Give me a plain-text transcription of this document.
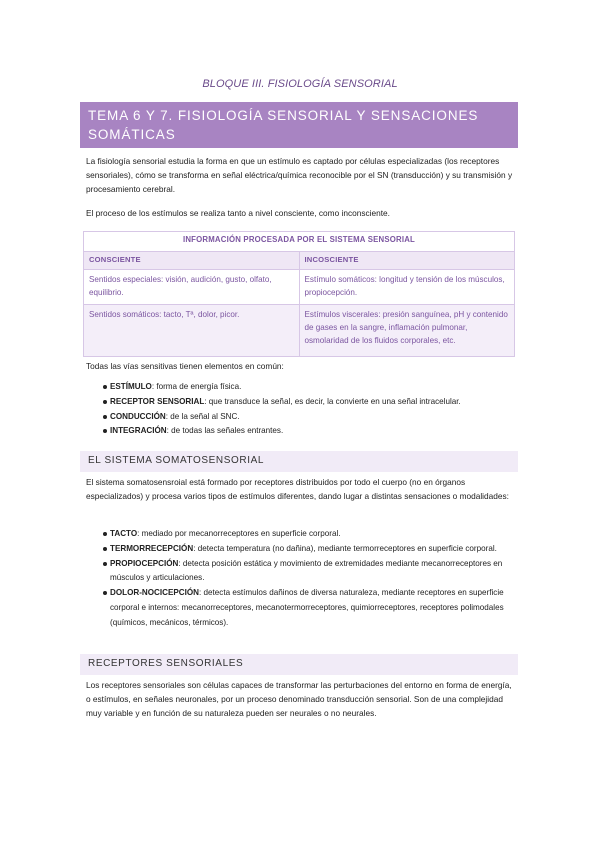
BLOQUE III. FISIOLOGÍA SENSORIAL
TEMA 6 Y 7. FISIOLOGÍA SENSORIAL Y SENSACIONES SOMÁTICAS
La fisiología sensorial estudia la forma en que un estímulo es captado por células especializadas (los receptores sensoriales), cómo se transforma en señal eléctrica/química reconocible por el SN (transducción) y su transmisión y procesamiento cerebral.
El proceso de los estímulos se realiza tanto a nivel consciente, como inconsciente.
INFORMACIÓN PROCESADA POR EL SISTEMA SENSORIAL	
CONSCIENTE	INCOSCIENTE
Sentidos especiales: visión, audición, gusto, olfato, equilibrio.	Estímulo somáticos: longitud y tensión de los músculos, propiocepción.
Sentidos somáticos: tacto, Tª, dolor, picor.	Estímulos viscerales: presión sanguínea, pH y contenido de gases en la sangre, inflamación pulmonar, osmolaridad de los fluidos corporales, etc.
Todas las vías sensitivas tienen elementos en común:
ESTÍMULO: forma de energía física.
RECEPTOR SENSORIAL: que transduce la señal, es decir, la convierte en una señal intracelular.
CONDUCCIÓN: de la señal al SNC.
INTEGRACIÓN: de todas las señales entrantes.
EL SISTEMA SOMATOSENSORIAL
El sistema somatosensroial está formado por receptores distribuidos por todo el cuerpo (no en órganos especializados) y procesa varios tipos de estímulos diferentes, dando lugar a distintas sensaciones o modalidades:
TACTO: mediado por mecanorreceptores en superficie corporal.
TERMORRECEPCIÓN: detecta temperatura (no dañina), mediante termorreceptores en superficie corporal.
PROPIOCEPCIÓN: detecta posición estática y movimiento de extremidades mediante mecanorreceptores en músculos y articulaciones.
DOLOR-NOCICEPCIÓN: detecta estímulos dañinos de diversa naturaleza, mediante receptores en superficie corporal e internos: mecanorreceptores, mecanotermorreceptores, quimiorreceptores, receptores polimodales (químicos, mecánicos, térmicos).
RECEPTORES SENSORIALES
Los receptores sensoriales son células capaces de transformar las perturbaciones del entorno en forma de energía, o estímulos, en señales neuronales, por un proceso denominado transducción sensorial. Son de una complejidad muy variable y en función de su naturaleza pueden ser neurales o no neurales.
